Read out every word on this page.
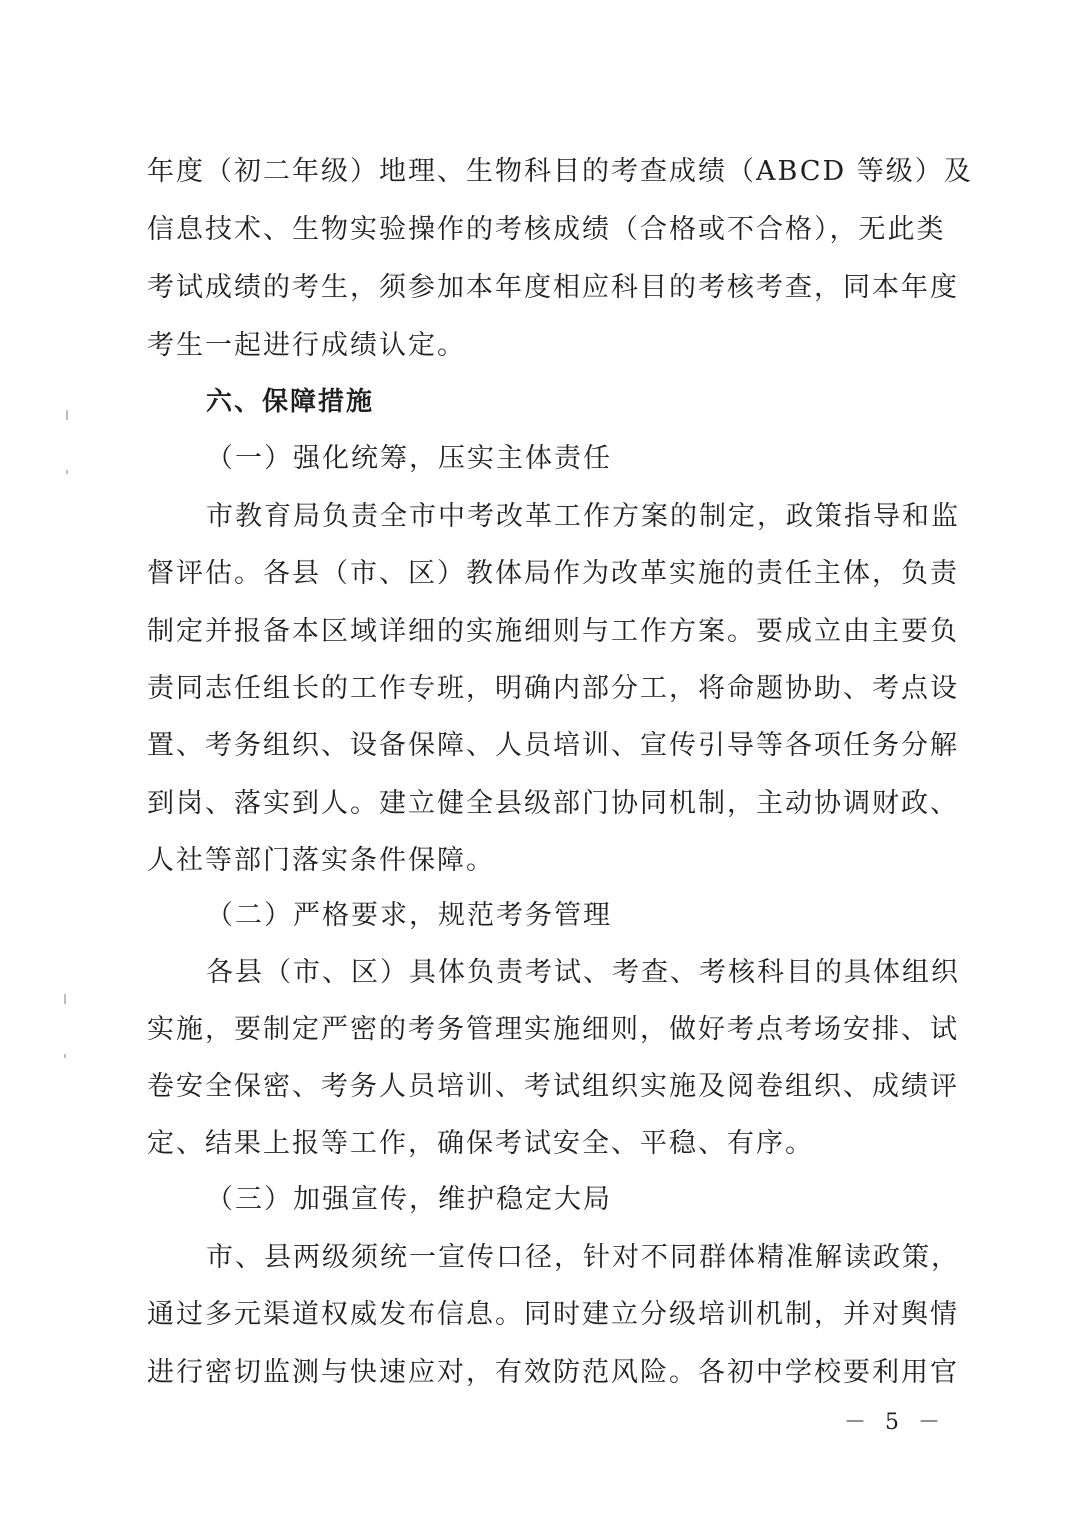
年度（初二年级）地理、生物科目的考查成绩（ABCD 等级）及
信息技术、生物实验操作的考核成绩（合格或不合格），无此类
考试成绩的考生，须参加本年度相应科目的考核考查，同本年度
考生一起进行成绩认定。
六、保障措施
（一）强化统筹，压实主体责任
市教育局负责全市中考改革工作方案的制定，政策指导和监
督评估。各县（市、区）教体局作为改革实施的责任主体，负责
制定并报备本区域详细的实施细则与工作方案。要成立由主要负
责同志任组长的工作专班，明确内部分工，将命题协助、考点设
置、考务组织、设备保障、人员培训、宣传引导等各项任务分解
到岗、落实到人。建立健全县级部门协同机制，主动协调财政、
人社等部门落实条件保障。
（二）严格要求，规范考务管理
各县（市、区）具体负责考试、考查、考核科目的具体组织
实施，要制定严密的考务管理实施细则，做好考点考场安排、试
卷安全保密、考务人员培训、考试组织实施及阅卷组织、成绩评
定、结果上报等工作，确保考试安全、平稳、有序。
（三）加强宣传，维护稳定大局
市、县两级须统一宣传口径，针对不同群体精准解读政策，
通过多元渠道权威发布信息。同时建立分级培训机制，并对舆情
进行密切监测与快速应对，有效防范风险。各初中学校要利用官
－ 5 －
